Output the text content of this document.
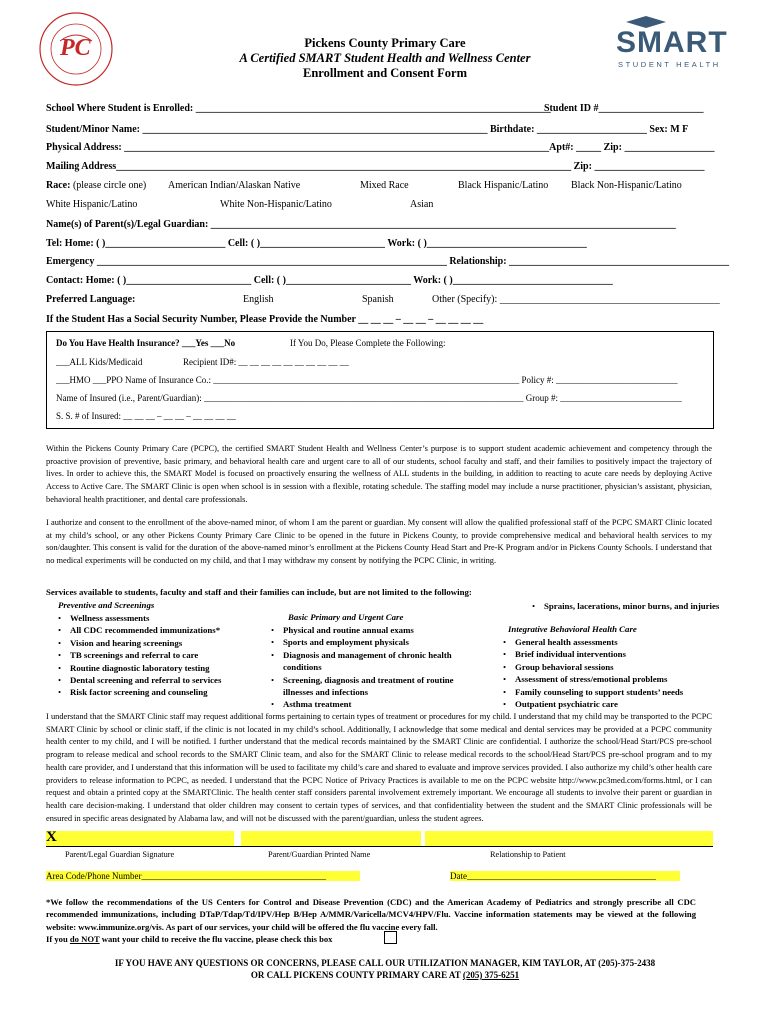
PC	SMART
STUDENT HEALTH
Pickens County Primary Care
A Certified SMART Student Health and Wellness Center
Enrollment and Consent Form
School Where Student is Enrolled: _______________________________________________________________________
Student ID #_____________________
Student/Minor Name: _____________________________________________________________________ Birthdate: ______________________ Sex: M F
Physical Address: _____________________________________________________________________________________Apt#: _____ Zip: __________________
Mailing Address___________________________________________________________________________________________ Zip: ______________________
Race: (please circle one) American Indian/Alaskan Native	Mixed Race	Black Hispanic/Latino Black Non-Hispanic/Latino
White Hispanic/Latino	White Non-Hispanic/Latino	Asian
Name(s) of Parent(s)/Legal Guardian: _____________________________________________________________________________________________
Tel: Home: ( )________________________ Cell: ( )_________________________ Work: ( )________________________________
Emergency ______________________________________________________________________ Relationship: ____________________________________________
Contact: Home: ( )_________________________ Cell: ( )_________________________ Work: ( )________________________________
Preferred Language:	English	Spanish	Other (Specify): ____________________________________________
If the Student Has a Social Security Number, Please Provide the Number __ __ __ – __ __ – __ __ __ __
Do You Have Health Insurance? ___Yes ___No	If You Do, Please Complete the Following:
___ALL Kids/Medicaid	Recipient ID#: __ __ __ __ __ __ __ __ __ __
___HMO ___PPO Name of Insurance Co.: ____________________________________________________________________ Policy #: ___________________________
Name of Insured (i.e., Parent/Guardian): _______________________________________________________________________ Group #: ___________________________
S. S. # of Insured: __ __ __ – __ __ – __ __ __ __
Within the Pickens County Primary Care (PCPC), the certified SMART Student Health and Wellness Center’s purpose is to support student academic achievement and competency through the proactive provision of preventive, basic primary, and behavioral health care and urgent care to all of our students, school faculty and staff, and their families to positively impact the trajectory of lives. In order to achieve this, the SMART Model is focused on proactively ensuring the wellness of ALL students in the building, in addition to reacting to acute care needs by deploying Active Access to Active Care. The SMART Clinic is open when school is in session with a flexible, rotating schedule. The staffing model may include a nurse practitioner, physician’s assistant, physician, behavioral health practitioner, and dental care professionals.
I authorize and consent to the enrollment of the above-named minor, of whom I am the parent or guardian. My consent will allow the qualified professional staff of the PCPC SMART Clinic located at my child’s school, or any other Pickens County Primary Care Clinic to be opened in the future in Pickens County, to provide comprehensive medical and behavioral health services to my son/daughter. This consent is valid for the duration of the above-named minor’s enrollment at the Pickens County Head Start and Pre-K Program and/or in Pickens County Schools. I understand that no medical experiments will be conducted on my child, and that I may withdraw my consent by notifying the PCPC Clinic, in writing.
Services available to students, faculty and staff and their families can include, but are not limited to the following:
Preventive and Screenings
• Wellness assessments
• All CDC recommended immunizations*
• Vision and hearing screenings
• TB screenings and referral to care
• Routine diagnostic laboratory testing
• Dental screening and referral to services
• Risk factor screening and counseling
Basic Primary and Urgent Care
• Physical and routine annual exams
• Sports and employment physicals
• Diagnosis and management of chronic health
conditions
• Screening, diagnosis and treatment of routine
illnesses and infections
• Asthma treatment
• Sprains, lacerations, minor burns, and injuries
Integrative Behavioral Health Care
• General health assessments
• Brief individual interventions
• Group behavioral sessions
• Assessment of stress/emotional problems
• Family counseling to support students’ needs
• Outpatient psychiatric care
I understand that the SMART Clinic staff may request additional forms pertaining to certain types of treatment or procedures for my child. I understand that my child may be transported to the PCPC SMART Clinic by school or clinic staff, if the clinic is not located in my child’s school. Additionally, I acknowledge that some medical and dental services may be provided at a PCPC community health center to my child, and I will be notified. I further understand that the medical records maintained by the SMART Clinic are confidential. I authorize the school/Head Start/PCS pre-school program to release medical and school records to the SMART Clinic team, and also for the SMART Clinic to release medical records to the school/Head Start/PCS pre-school program and to my health care provider, and I understand that this information will be used to facilitate my child’s care and shared to evaluate and improve services provided. I also authorize my child’s other health care providers to release information to PCPC, as needed. I understand that the PCPC Notice of Privacy Practices is available to me on the PCPC website http://www.pc3med.com/forms.html, or I can request and obtain a printed copy at the SMARTClinic. The health center staff considers parental involvement extremely important. We encourage all students to involve their parent or guardian in health care decision-making. I understand that older children may consent to certain types of services, and that confidentiality between the student and the SMART Clinic professionals will be ensured in specific areas designated by Alabama law, and will not be discussed with the parent/guardian, unless the student agrees.
X
Parent/Legal Guardian Signature	Parent/Guardian Printed Name	Relationship to Patient
Area Code/Phone Number_________________________________________	Date__________________________________________
*We follow the recommendations of the US Centers for Control and Disease Prevention (CDC) and the American Academy of Pediatrics and strongly prescribe all CDC recommended immunizations, including DTaP/Tdap/Td/IPV/Hep B/Hep A/MMR/Varicella/MCV4/HPV/Flu. Vaccine information statements may be viewed at the following website: www.immunize.org/vis. As part of our services, your child will be offered the flu vaccine every fall.
If you do NOT want your child to receive the flu vaccine, please check this box
IF YOU HAVE ANY QUESTIONS OR CONCERNS, PLEASE CALL OUR UTILIZATION MANAGER, KIM TAYLOR, AT (205)-375-2438
OR CALL PICKENS COUNTY PRIMARY CARE AT (205) 375-6251
